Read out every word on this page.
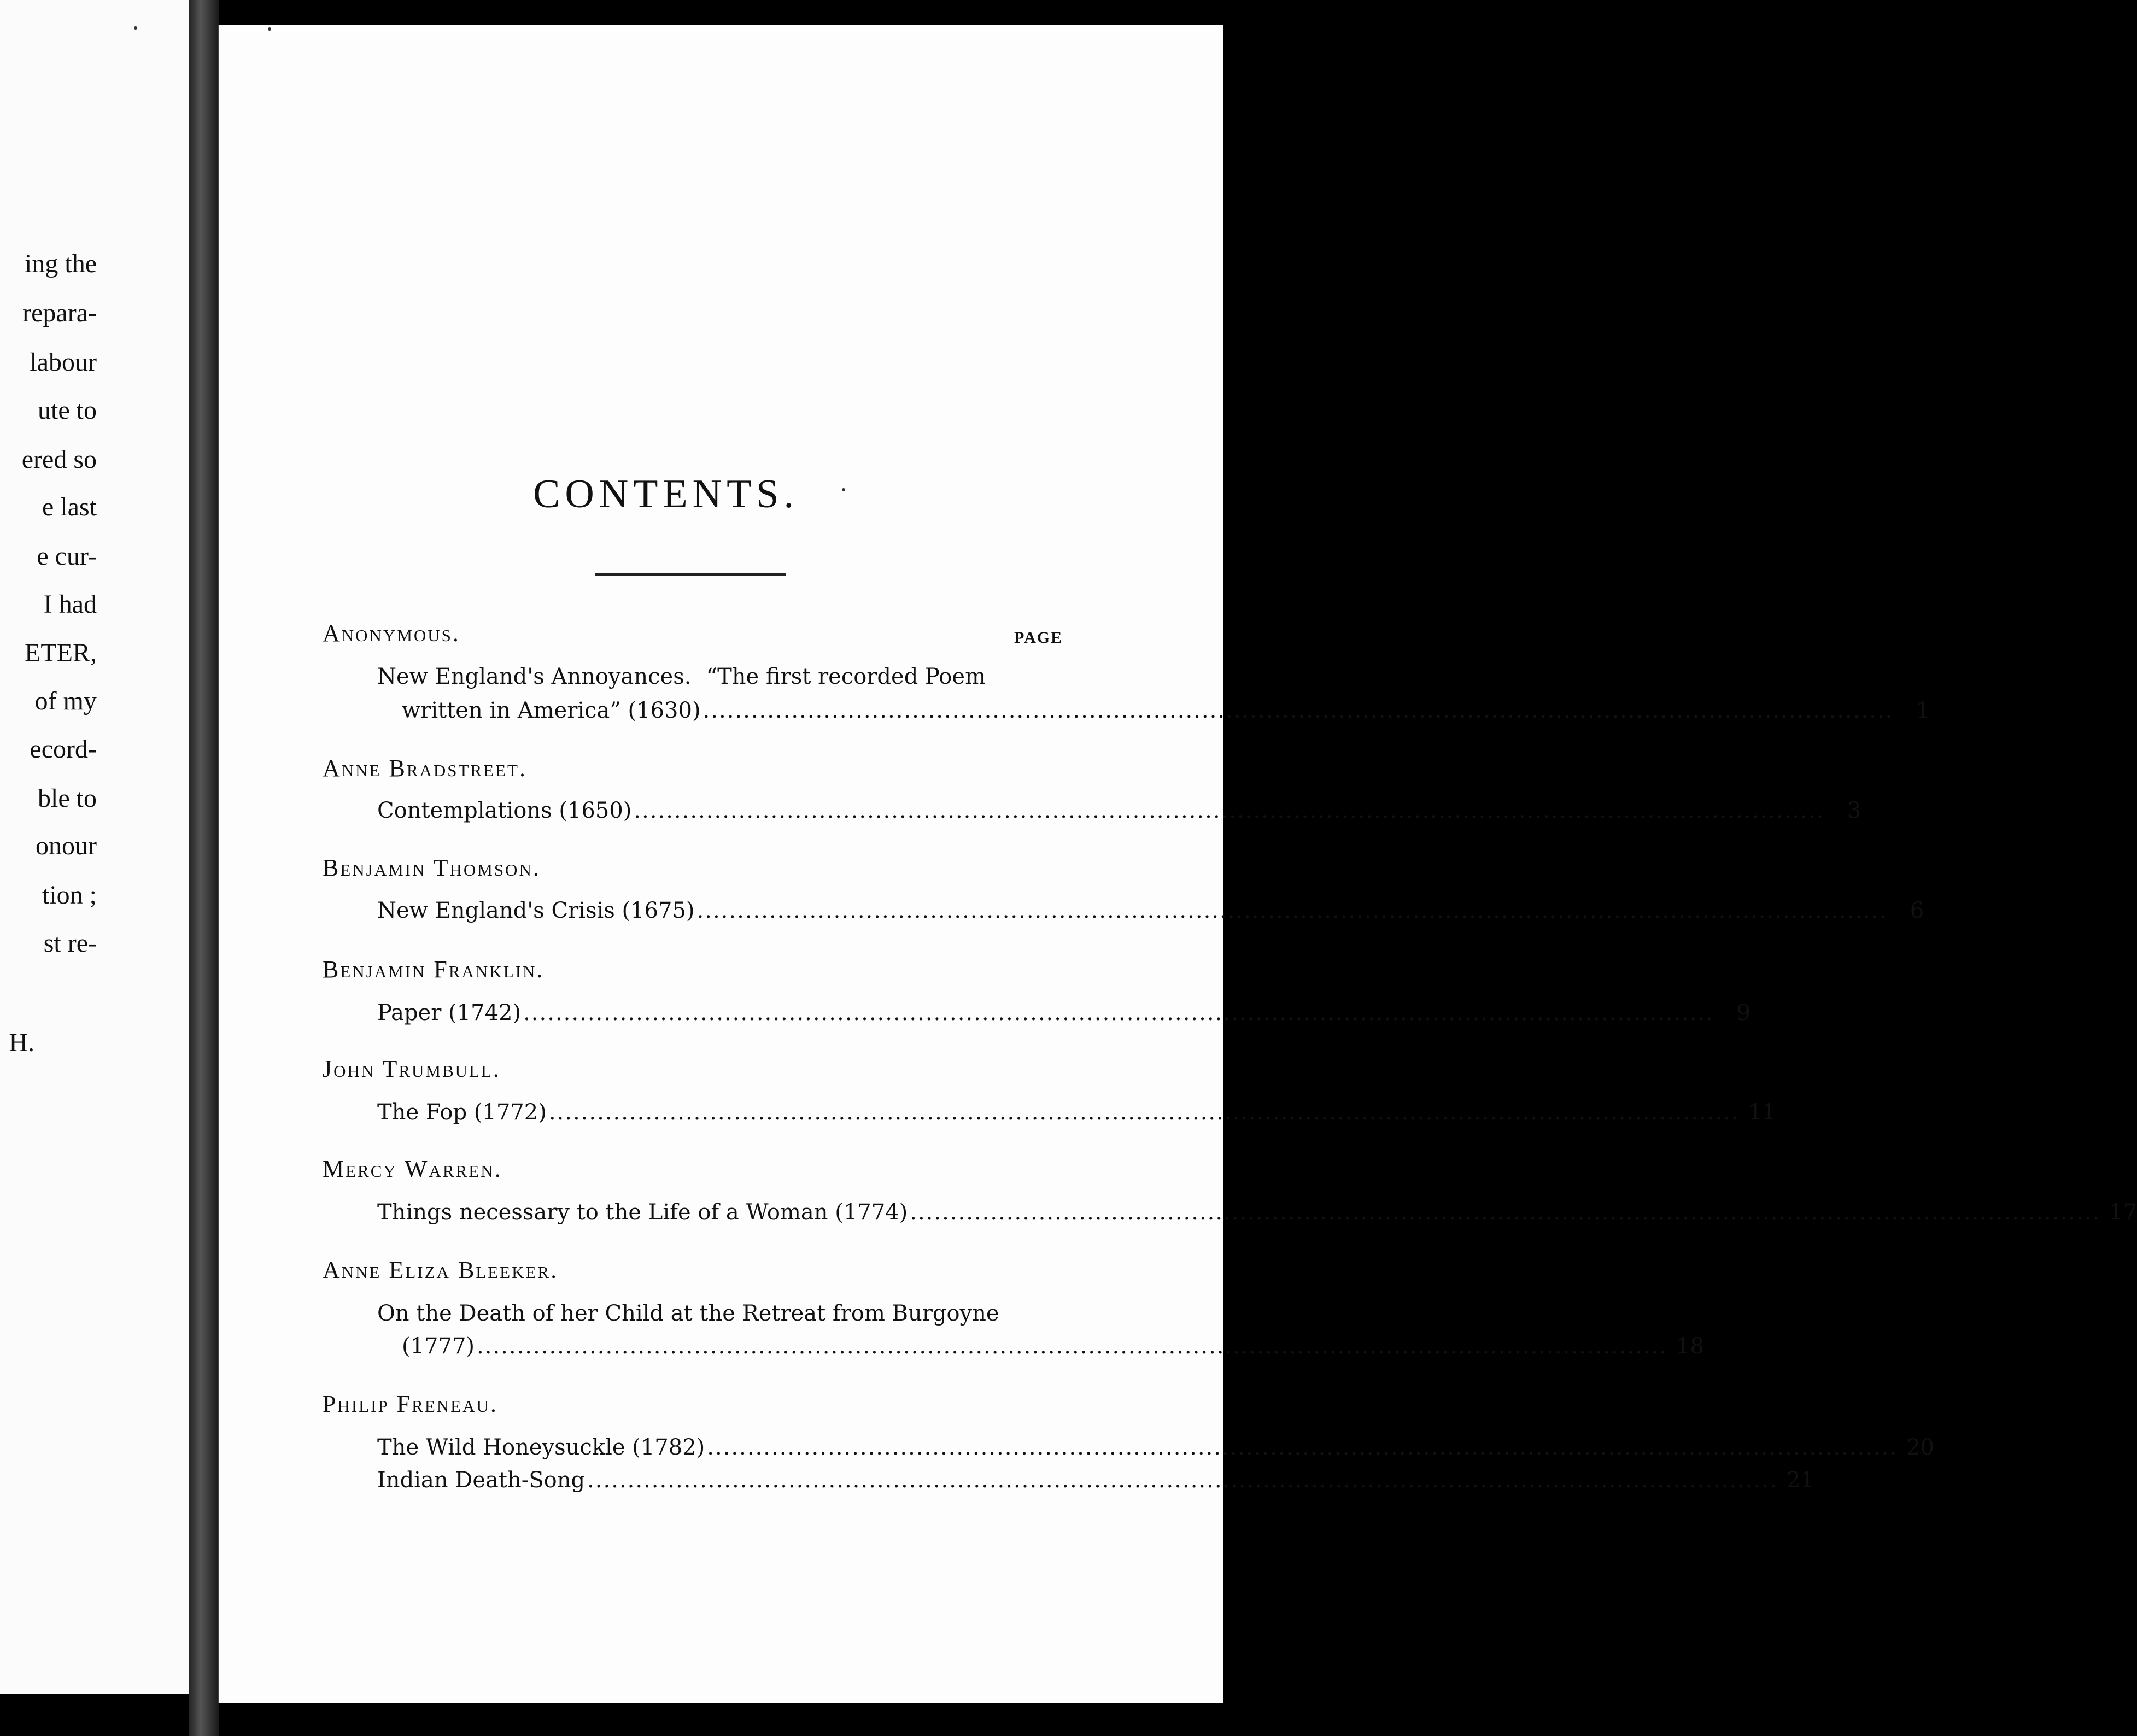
ing the
repara-
labour
ute to
ered so
e last
e cur-
I had
ETER,
of my
ecord-
ble to
onour
tion ;
st re-
H.
CONTENTS.
PAGE
Anonymous.
New England's Annoyances. “The first recorded Poem
written in America” (1630) ....................................................................................................................................................	1
Anne Bradstreet.
Contemplations (1650) ....................................................................................................................................................	3
Benjamin Thomson.
New England's Crisis (1675) ....................................................................................................................................................	6
Benjamin Franklin.
Paper (1742) ....................................................................................................................................................	9
John Trumbull.
The Fop (1772) .................................................................................................................................................... 11
Mercy Warren.
Things necessary to the Life of a Woman (1774) .................................................................................................................................................... 17
Anne Eliza Bleeker.
On the Death of her Child at the Retreat from Burgoyne
(1777) .................................................................................................................................................... 18
Philip Freneau.
The Wild Honeysuckle (1782) .................................................................................................................................................... 20
Indian Death-Song .................................................................................................................................................... 21
